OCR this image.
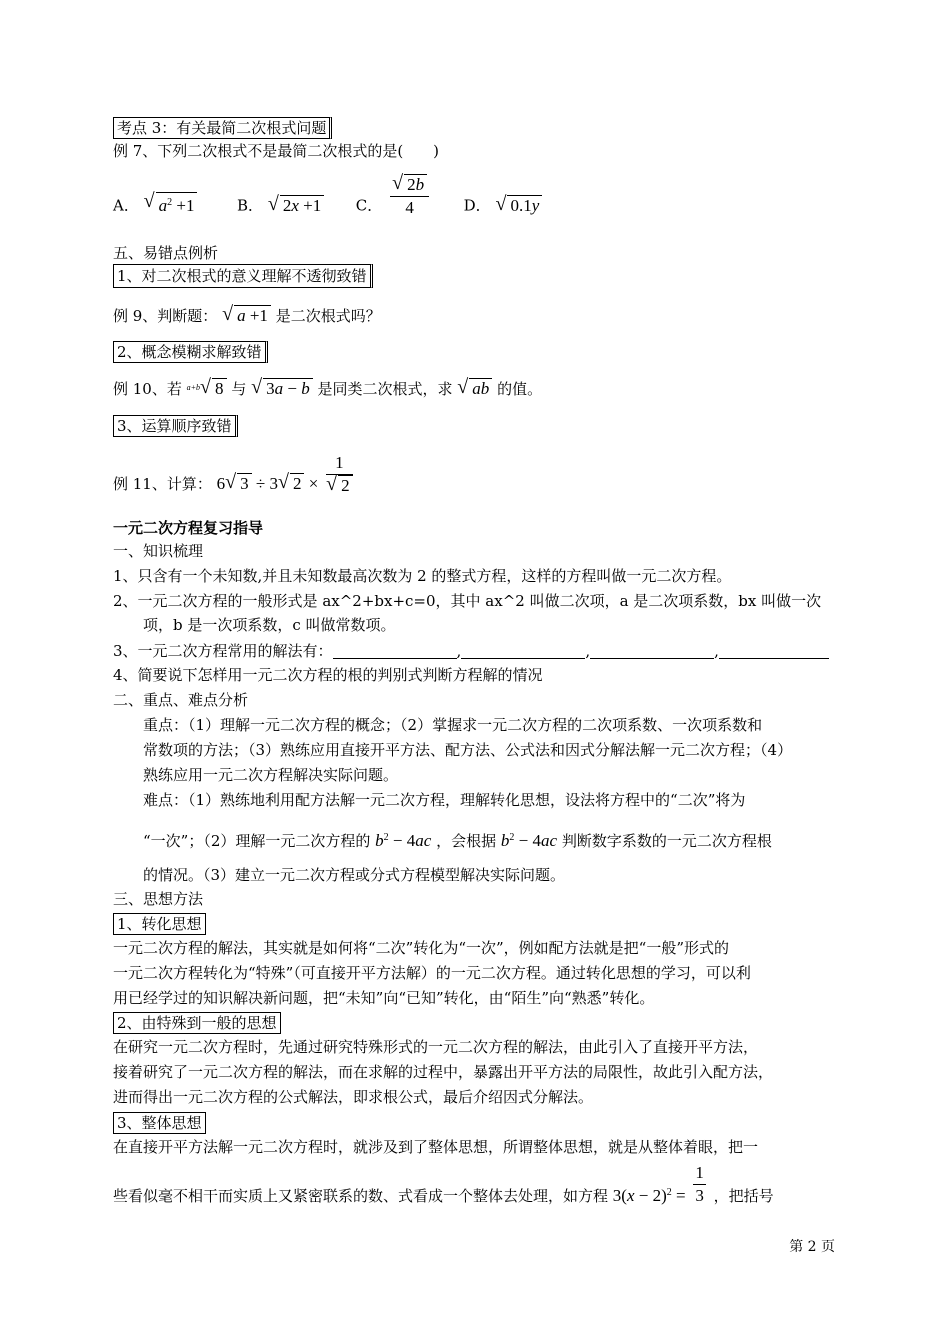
考点 3：有关最简二次根式问题
例 7、下列二次根式不是最简二次根式的是(　　)
A． √ $a^2 +1$	B． √ 2x +1 C． √ $\frac{2b}{4}$ D． √ 0.1y
五、易错点例析
1、对二次根式的意义理解不透彻致错
例 9、判断题： √ a +1 是二次根式吗？
2、概念模糊求解致错
例 10、若 $^{a+b}$ √ 8 与 √ 3a − b 是同类二次根式，求 √ ab 的值。
3、运算顺序致错
例 11、计算： 6 √ 3 ÷ 3 √ 2 × 1
√ 2
一元二次方程复习指导
一、知识梳理
1、只含有一个未知数,并且未知数最高次数为 2 的整式方程，这样的方程叫做一元二次方程。
2、一元二次方程的一般形式是 ax^2+bx+c=0，其中 ax^2 叫做二次项，a 是二次项系数，bx 叫做一次
项，b 是一次项系数，c 叫做常数项。
3、一元二次方程常用的解法有：	,	,	,
4、简要说下怎样用一元二次方程的根的判别式判断方程解的情况
二、重点、难点分析
重点：（1）理解一元二次方程的概念；（2）掌握求一元二次方程的二次项系数、一次项系数和
常数项的方法；（3）熟练应用直接开平方法、配方法、公式法和因式分解法解一元二次方程；（4）
熟练应用一元二次方程解决实际问题。
难点：（1）熟练地利用配方法解一元二次方程，理解转化思想，设法将方程中的“二次”将为
“一次”；（2）理解一元二次方程的 $b^2 - 4ac$ ，会根据 $b^2 - 4ac$ 判断数字系数的一元二次方程根
的情况。（3）建立一元二次方程或分式方程模型解决实际问题。
三、思想方法
1、转化思想
一元二次方程的解法，其实就是如何将“二次”转化为“一次”，例如配方法就是把“一般”形式的
一元二次方程转化为“特殊”（可直接开平方法解）的一元二次方程。通过转化思想的学习，可以利
用已经学过的知识解决新问题，把“未知”向“已知”转化，由“陌生”向“熟悉”转化。
2、由特殊到一般的思想
在研究一元二次方程时，先通过研究特殊形式的一元二次方程的解法，由此引入了直接开平方法，
接着研究了一元二次方程的解法，而在求解的过程中，暴露出开平方法的局限性，故此引入配方法，
进而得出一元二次方程的公式解法，即求根公式，最后介绍因式分解法。
3、整体思想
在直接开平方法解一元二次方程时，就涉及到了整体思想，所谓整体思想，就是从整体着眼，把一
些看似毫不相干而实质上又紧密联系的数、式看成一个整体去处理，如方程 $3(x - 2)^2 = \frac{1}{3}$ ，把括号
第 2 页
